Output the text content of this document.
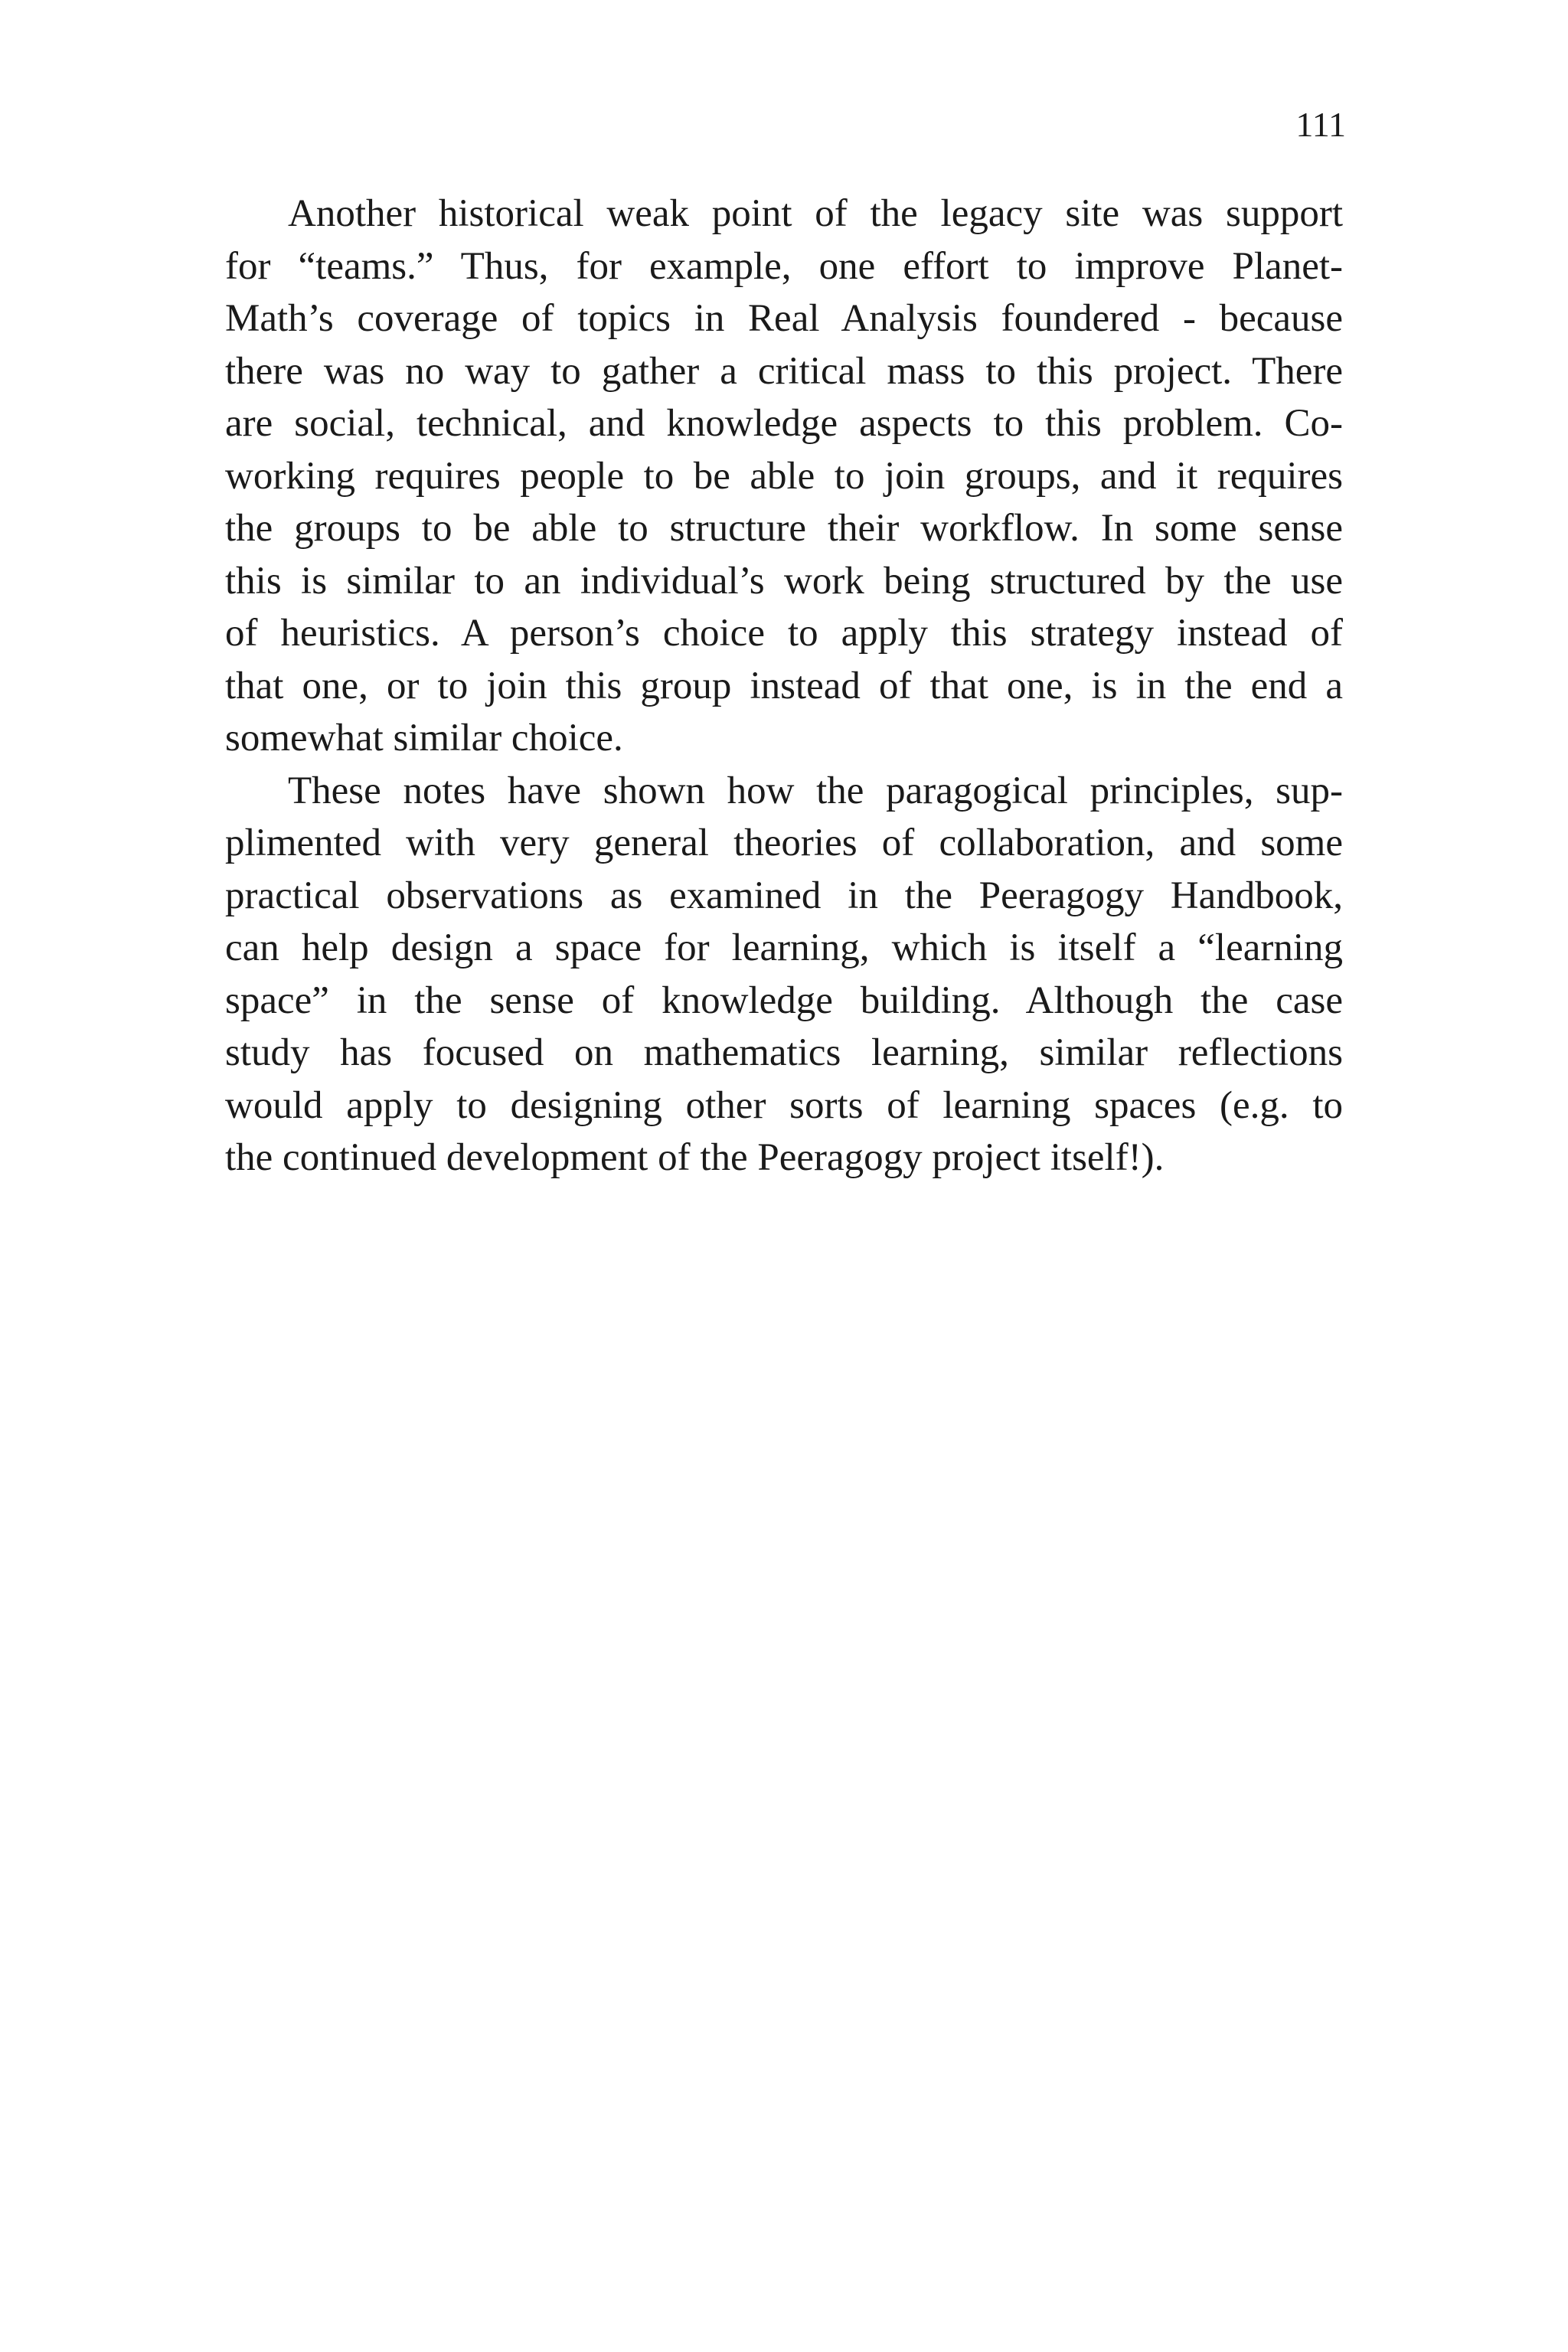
111
Another historical weak point of the legacy site was support
for “teams.” Thus, for example, one effort to improve Planet-
Math’s coverage of topics in Real Analysis foundered - because
there was no way to gather a critical mass to this project. There
are social, technical, and knowledge aspects to this problem. Co-
working requires people to be able to join groups, and it requires
the groups to be able to structure their workflow. In some sense
this is similar to an individual’s work being structured by the use
of heuristics. A person’s choice to apply this strategy instead of
that one, or to join this group instead of that one, is in the end a
somewhat similar choice.
These notes have shown how the paragogical principles, sup-
plimented with very general theories of collaboration, and some
practical observations as examined in the Peeragogy Handbook,
can help design a space for learning, which is itself a “learning
space” in the sense of knowledge building. Although the case
study has focused on mathematics learning, similar reflections
would apply to designing other sorts of learning spaces (e.g. to
the continued development of the Peeragogy project itself!).
